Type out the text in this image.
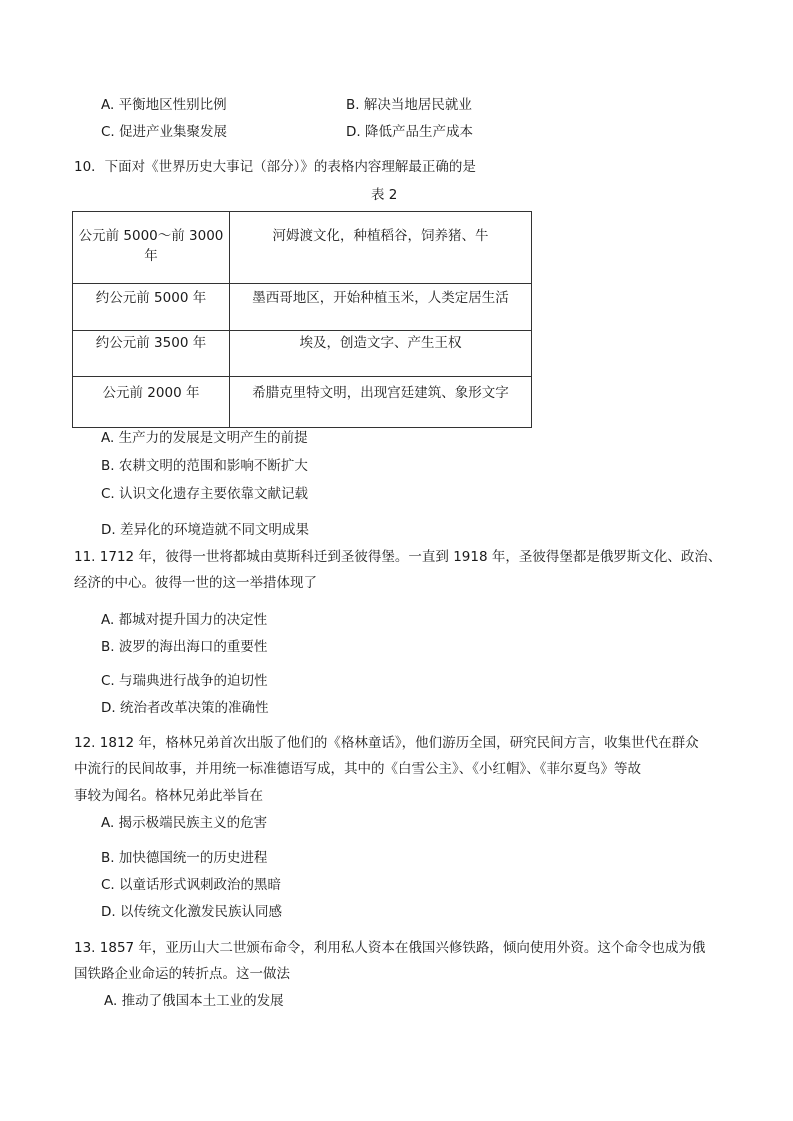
A. 平衡地区性别比例	B. 解决当地居民就业
C. 促进产业集聚发展	D. 降低产品生产成本
10．下面对《世界历史大事记（部分）》的表格内容理解最正确的是
表 2
公元前 5000～前 3000 年	河姆渡文化，种植稻谷，饲养猪、牛

约公元前 5000 年	墨西哥地区，开始种植玉米，人类定居生活

约公元前 3500 年	埃及，创造文字、产生王权

公元前 2000 年	希腊克里特文明，出现宫廷建筑、象形文字
A. 生产力的发展是文明产生的前提
B. 农耕文明的范围和影响不断扩大
C. 认识文化遗存主要依靠文献记载
D. 差异化的环境造就不同文明成果
11. 1712 年，彼得一世将都城由莫斯科迁到圣彼得堡。一直到 1918 年，圣彼得堡都是俄罗斯文化、政治、
经济的中心。彼得一世的这一举措体现了
A. 都城对提升国力的决定性
B. 波罗的海出海口的重要性
C. 与瑞典进行战争的迫切性
D. 统治者改革决策的准确性
12. 1812 年，格林兄弟首次出版了他们的《格林童话》，他们游历全国，研究民间方言，收集世代在群众
中流行的民间故事，并用统一标准德语写成，其中的《白雪公主》、《小红帽》、《菲尔夏鸟》等故
事较为闻名。格林兄弟此举旨在
A. 揭示极端民族主义的危害
B. 加快德国统一的历史进程
C. 以童话形式讽刺政治的黑暗
D. 以传统文化激发民族认同感
13. 1857 年，亚历山大二世颁布命令，利用私人资本在俄国兴修铁路，倾向使用外资。这个命令也成为俄
国铁路企业命运的转折点。这一做法
A. 推动了俄国本土工业的发展
